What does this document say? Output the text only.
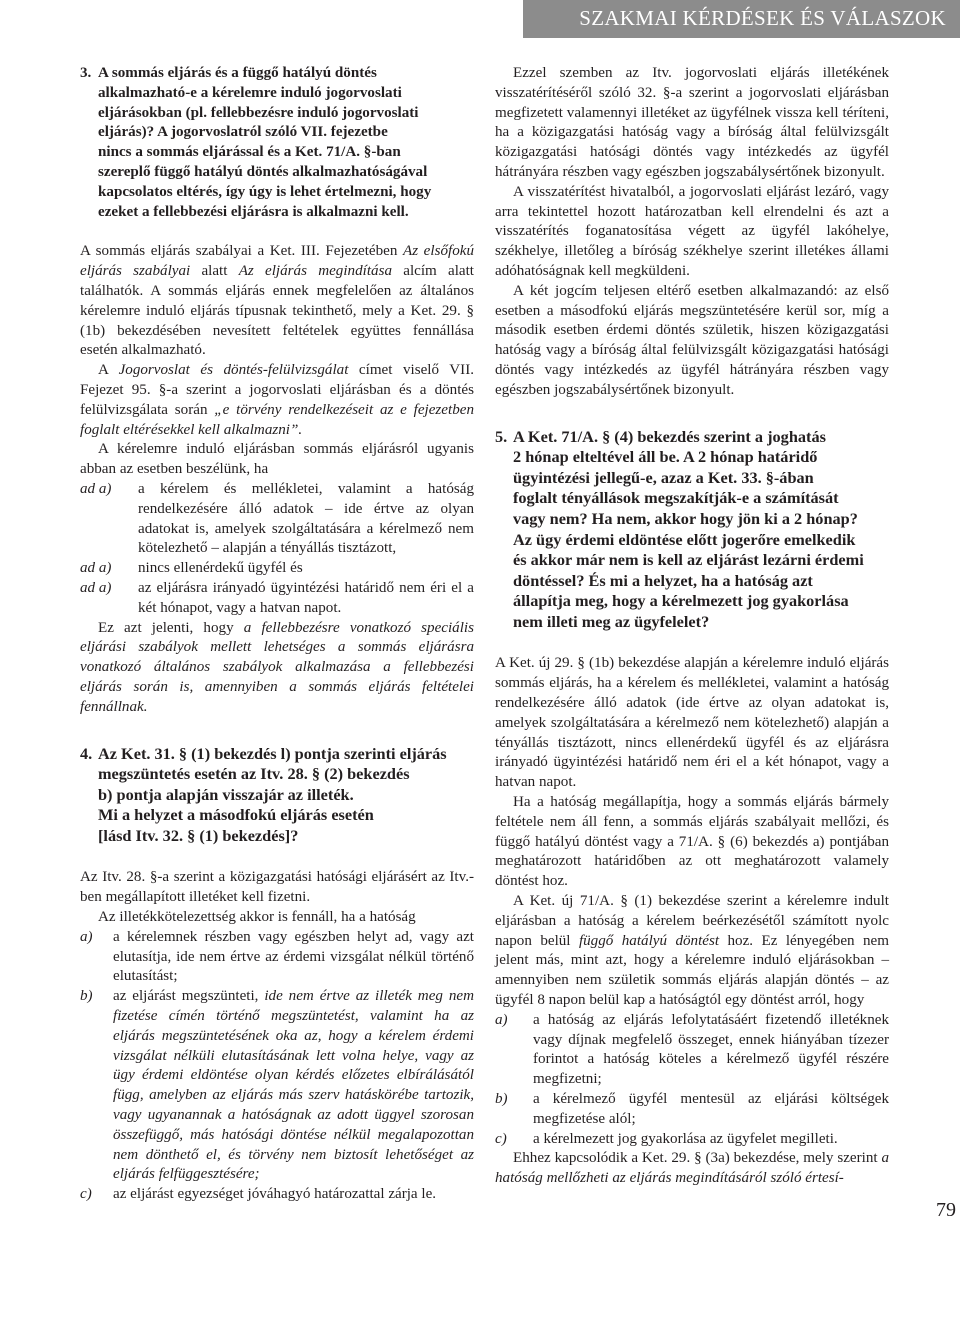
SZAKMAI KÉRDÉSEK ÉS VÁLASZOK
3. A sommás eljárás és a függő hatályú döntés
alkalmazható-e a kérelemre induló jogorvoslati
eljárásokban (pl. fellebbezésre induló jogorvoslati
eljárás)? A jogorvoslatról szóló VII. fejezetbe
nincs a sommás eljárással és a Ket. 71/A. §-ban
szereplő függő hatályú döntés alkalmazhatóságával
kapcsolatos eltérés, így úgy is lehet értelmezni, hogy
ezeket a fellebbezési eljárásra is alkalmazni kell.

A sommás eljárás szabályai a Ket. III. Fejezetében Az elsőfokú eljárás szabályai alatt Az eljárás megindítása alcím alatt találhatók. A sommás eljárás ennek megfelelően az általános kérelemre induló eljárás típusnak tekinthető, mely a Ket. 29. § (1b) bekezdésében nevesített feltételek együttes fennállása esetén alkalmazható.

A Jogorvoslat és döntés-felülvizsgálat címet viselő VII. Fejezet 95. §-a szerint a jogorvoslati eljárásban és a döntés felülvizsgálata során „e törvény rendelkezéseit az e fejezetben foglalt eltérésekkel kell alkalmazni”.

A kérelemre induló eljárásban sommás eljárásról ugyanis abban az esetben beszélünk, ha

ad a)	a kérelem és mellékletei, valamint a hatóság rendelkezésére álló adatok – ide értve az olyan adatokat is, amelyek szolgáltatására a kérelmező nem kötelezhető – alapján a tényállás tisztázott,
ad a)	nincs ellenérdekű ügyfél és
ad a)	az eljárásra irányadó ügyintézési határidő nem éri el a két hónapot, vagy a hatvan napot.

Ez azt jelenti, hogy a fellebbezésre vonatkozó speciális eljárási szabályok mellett lehetséges a sommás eljárásra vonatkozó általános szabályok alkalmazása a fellebbezési eljárás során is, amennyiben a sommás eljárás feltételei fennállnak.

4. Az Ket. 31. § (1) bekezdés l) pontja szerinti eljárás
megszüntetés esetén az Itv. 28. § (2) bekezdés
b) pontja alapján visszajár az illeték.
Mi a helyzet a másodfokú eljárás esetén
[lásd Itv. 32. § (1) bekezdés]?

Az Itv. 28. §-a szerint a közigazgatási hatósági eljárásért az Itv.-ben megállapított illetéket kell fizetni.

Az illetékkötelezettség akkor is fennáll, ha a hatóság

a)	a kérelemnek részben vagy egészben helyt ad, vagy azt elutasítja, ide nem értve az érdemi vizsgálat nélkül történő elutasítást;
b)	az eljárást megszünteti, ide nem értve az illeték meg nem fizetése címén történő megszüntetést, valamint ha az eljárás megszüntetésének oka az, hogy a kérelem érdemi vizsgálat nélküli elutasításának lett volna helye, vagy az ügy érdemi eldöntése olyan kérdés előzetes elbírálásától függ, amelyben az eljárás más szerv hatáskörébe tartozik, vagy ugyanannak a hatóságnak az adott üggyel szorosan összefüggő, más hatósági döntése nélkül megalapozottan nem dönthető el, és törvény nem biztosít lehetőséget az eljárás felfüggesztésére;
c)	az eljárást egyezséget jóváhagyó határozattal zárja le.

Ezzel szemben az Itv. jogorvoslati eljárás illetékének visszatérítéséről szóló 32. §-a szerint a jogorvoslati eljárásban megfizetett valamennyi illetéket az ügyfélnek vissza kell téríteni, ha a közigazgatási hatóság vagy a bíróság által felülvizsgált közigazgatási hatósági döntés vagy intézkedés az ügyfél hátrányára részben vagy egészben jogszabálysértőnek bizonyult.

A visszatérítést hivatalból, a jogorvoslati eljárást lezáró, vagy arra tekintettel hozott határozatban kell elrendelni és azt a visszatérítés foganatosítása végett az ügyfél lakóhelye, székhelye, illetőleg a bíróság székhelye szerint illetékes állami adóhatóságnak kell megküldeni.

A két jogcím teljesen eltérő esetben alkalmazandó: az első esetben a másodfokú eljárás megszüntetésére kerül sor, míg a második esetben érdemi döntés születik, hiszen közigazgatási hatóság vagy a bíróság által felülvizsgált közigazgatási hatósági döntés vagy intézkedés az ügyfél hátrányára részben vagy egészben jogszabálysértőnek bizonyult.

5. A Ket. 71/A. § (4) bekezdés szerint a joghatás
2 hónap elteltével áll be. A 2 hónap határidő
ügyintézési jellegű-e, azaz a Ket. 33. §-ában
foglalt tényállások megszakítják-e a számítását
vagy nem? Ha nem, akkor hogy jön ki a 2 hónap?
Az ügy érdemi eldöntése előtt jogerőre emelkedik
és akkor már nem is kell az eljárást lezárni érdemi
döntéssel? És mi a helyzet, ha a hatóság azt
állapítja meg, hogy a kérelmezett jog gyakorlása
nem illeti meg az ügyfelelet?

A Ket. új 29. § (1b) bekezdése alapján a kérelemre induló eljárás sommás eljárás, ha a kérelem és mellékletei, valamint a hatóság rendelkezésére álló adatok (ide értve az olyan adatokat is, amelyek szolgáltatására a kérelmező nem kötelezhető) alapján a tényállás tisztázott, nincs ellenérdekű ügyfél és az eljárásra irányadó ügyintézési határidő nem éri el a két hónapot, vagy a hatvan napot.

Ha a hatóság megállapítja, hogy a sommás eljárás bármely feltétele nem áll fenn, a sommás eljárás szabályait mellőzi, és függő hatályú döntést vagy a 71/A. § (6) bekezdés a) pontjában meghatározott határidőben az ott meghatározott valamely döntést hoz.

A Ket. új 71/A. § (1) bekezdése szerint a kérelemre indult eljárásban a hatóság a kérelem beérkezésétől számított nyolc napon belül függő hatályú döntést hoz. Ez lényegében nem jelent más, mint azt, hogy a kérelemre induló eljárásokban – amennyiben nem születik sommás eljárás alapján döntés – az ügyfél 8 napon belül kap a hatóságtól egy döntést arról, hogy

a)	a hatóság az eljárás lefolytatásáért fizetendő illetéknek vagy díjnak megfelelő összeget, ennek hiányában tízezer forintot a hatóság köteles a kérelmező ügyfél részére megfizetni;
b)	a kérelmező ügyfél mentesül az eljárási költségek megfizetése alól;
c)	a kérelmezett jog gyakorlása az ügyfelet megilleti.

Ehhez kapcsolódik a Ket. 29. § (3a) bekezdése, mely szerint a hatóság mellőzheti az eljárás megindításáról szóló értesí-

79
